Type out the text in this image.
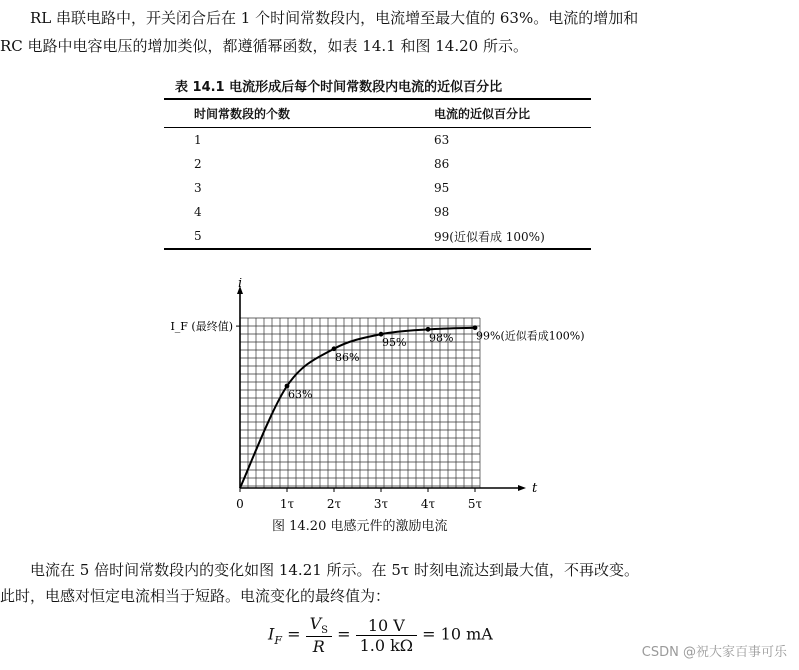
RL 串联电路中，开关闭合后在 1 个时间常数段内，电流增至最大值的 63%。电流的增加和
RC 电路中电容电压的增加类似，都遵循幂函数，如表 14.1 和图 14.20 所示。
表 14.1 电流形成后每个时间常数段内电流的近似百分比
时间常数段的个数	电流的近似百分比
1	63
2	86
3	95
4	98
5	99(近似看成 100%)
t
i
0	1τ	2τ	3τ	4τ	5τ
I_F (最终值)
63%
86%
95% 98% 99%(近似看成100%)
图 14.20 电感元件的激励电流
电流在 5 倍时间常数段内的变化如图 14.21 所示。在 5τ 时刻电流达到最大值，不再改变。
此时，电感对恒定电流相当于短路。电流变化的最终值为：
$I_F = \frac{V_S}{R} = \frac{10 V}{1.0 k\Omega} = 10$ mA
CSDN @祝大家百事可乐
